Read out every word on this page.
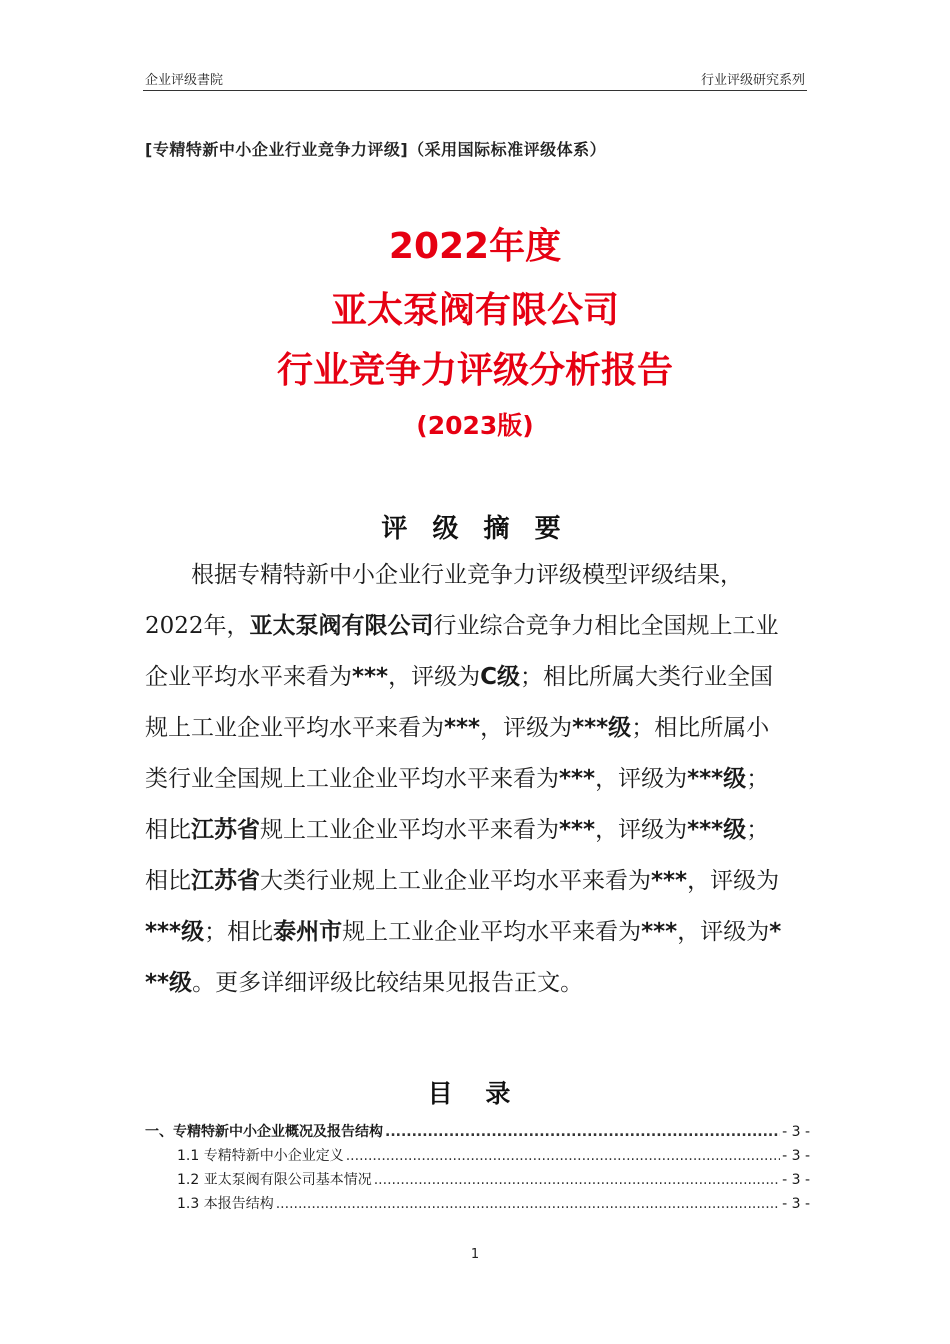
企业评级書院	行业评级研究系列
[专精特新中小企业行业竞争力评级]（采用国际标准评级体系）
2022年度
亚太泵阀有限公司
行业竞争力评级分析报告
(2023版)
评 级 摘 要
根据专精特新中小企业行业竞争力评级模型评级结果，
2022年，亚太泵阀有限公司行业综合竞争力相比全国规上工业
企业平均水平来看为***，评级为C级；相比所属大类行业全国
规上工业企业平均水平来看为***，评级为***级；相比所属小
类行业全国规上工业企业平均水平来看为***，评级为***级；
相比江苏省规上工业企业平均水平来看为***，评级为***级；
相比江苏省大类行业规上工业企业平均水平来看为***，评级为
***级；相比泰州市规上工业企业平均水平来看为***，评级为*
**级。更多详细评级比较结果见报告正文。
目 录
一、专精特新中小企业概况及报告结构 .....	- 3 -
1.1 专精特新中小企业定义 .....	- 3 -
1.2 亚太泵阀有限公司基本情况 .....	- 3 -
1.3 本报告结构 .....	- 3 -
1
